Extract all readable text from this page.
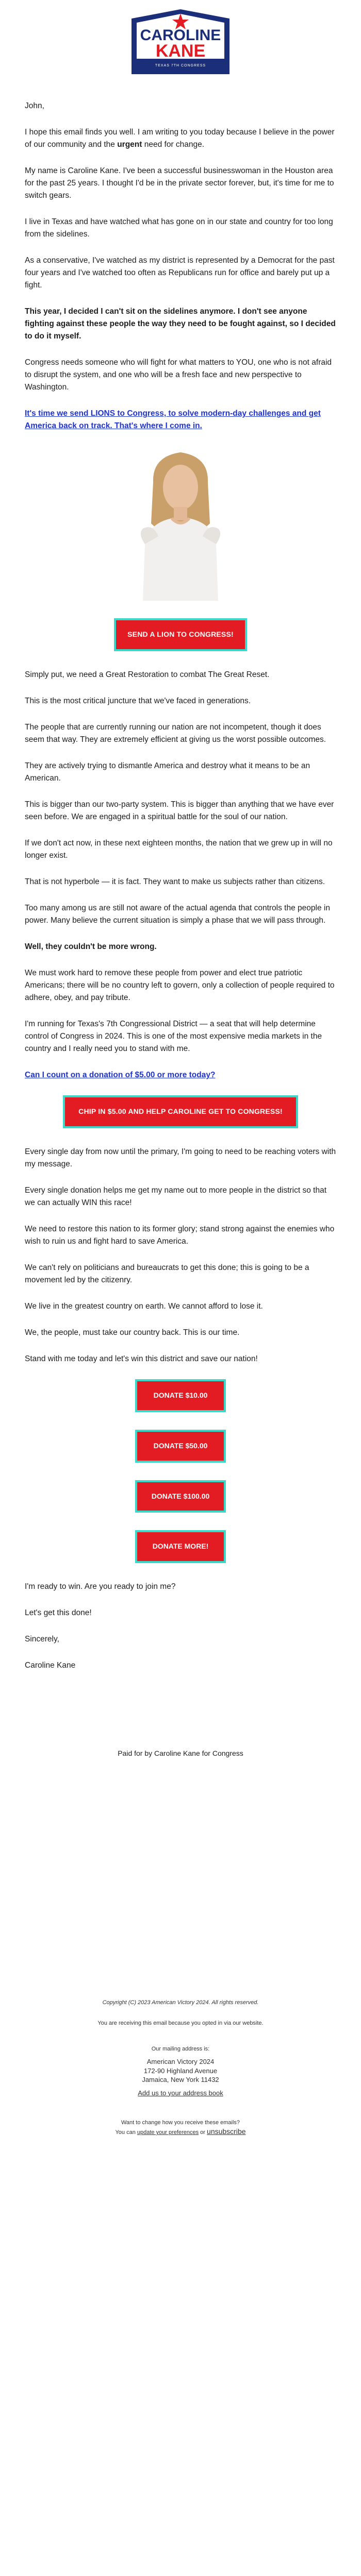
CAROLINE
KANE
TEXAS 7TH CONGRESS

John,

I hope this email finds you well. I am writing to you today because I believe in the power of our community and the urgent need for change.

My name is Caroline Kane. I've been a successful businesswoman in the Houston area for the past 25 years. I thought I'd be in the private sector forever, but, it's time for me to switch gears.

I live in Texas and have watched what has gone on in our state and country for too long from the sidelines.

As a conservative, I've watched as my district is represented by a Democrat for the past four years and I've watched too often as Republicans run for office and barely put up a fight.

This year, I decided I can't sit on the sidelines anymore. I don't see anyone fighting against these people the way they need to be fought against, so I decided to do it myself.

Congress needs someone who will fight for what matters to YOU, one who is not afraid to disrupt the system, and one who will be a fresh face and new perspective to Washington.

It's time we send LIONS to Congress, to solve modern-day challenges and get America back on track. That's where I come in.

SEND A LION TO CONGRESS!

Simply put, we need a Great Restoration to combat The Great Reset.

This is the most critical juncture that we've faced in generations.

The people that are currently running our nation are not incompetent, though it does seem that way. They are extremely efficient at giving us the worst possible outcomes.

They are actively trying to dismantle America and destroy what it means to be an American.

This is bigger than our two-party system. This is bigger than anything that we have ever seen before. We are engaged in a spiritual battle for the soul of our nation.

If we don't act now, in these next eighteen months, the nation that we grew up in will no longer exist.

That is not hyperbole — it is fact. They want to make us subjects rather than citizens.

Too many among us are still not aware of the actual agenda that controls the people in power. Many believe the current situation is simply a phase that we will pass through.

Well, they couldn't be more wrong.

We must work hard to remove these people from power and elect true patriotic Americans; there will be no country left to govern, only a collection of people required to adhere, obey, and pay tribute.

I'm running for Texas's 7th Congressional District — a seat that will help determine control of Congress in 2024. This is one of the most expensive media markets in the country and I really need you to stand with me.

Can I count on a donation of $5.00 or more today?

CHIP IN $5.00 AND HELP CAROLINE GET TO CONGRESS!

Every single day from now until the primary, I'm going to need to be reaching voters with my message.

Every single donation helps me get my name out to more people in the district so that we can actually WIN this race!

We need to restore this nation to its former glory; stand strong against the enemies who wish to ruin us and fight hard to save America.

We can't rely on politicians and bureaucrats to get this done; this is going to be a movement led by the citizenry.

We live in the greatest country on earth. We cannot afford to lose it.

We, the people, must take our country back. This is our time.

Stand with me today and let's win this district and save our nation!

DONATE $10.00
DONATE $50.00
DONATE $100.00
DONATE MORE!

I'm ready to win. Are you ready to join me?

Let's get this done!

Sincerely,

Caroline Kane

Paid for by Caroline Kane for Congress
Copyright (C) 2023 American Victory 2024. All rights reserved.
You are receiving this email because you opted in via our website.
Our mailing address is:
American Victory 2024
172-90 Highland Avenue
Jamaica, New York 11432
Add us to your address book
Want to change how you receive these emails?
You can update your preferences or unsubscribe
